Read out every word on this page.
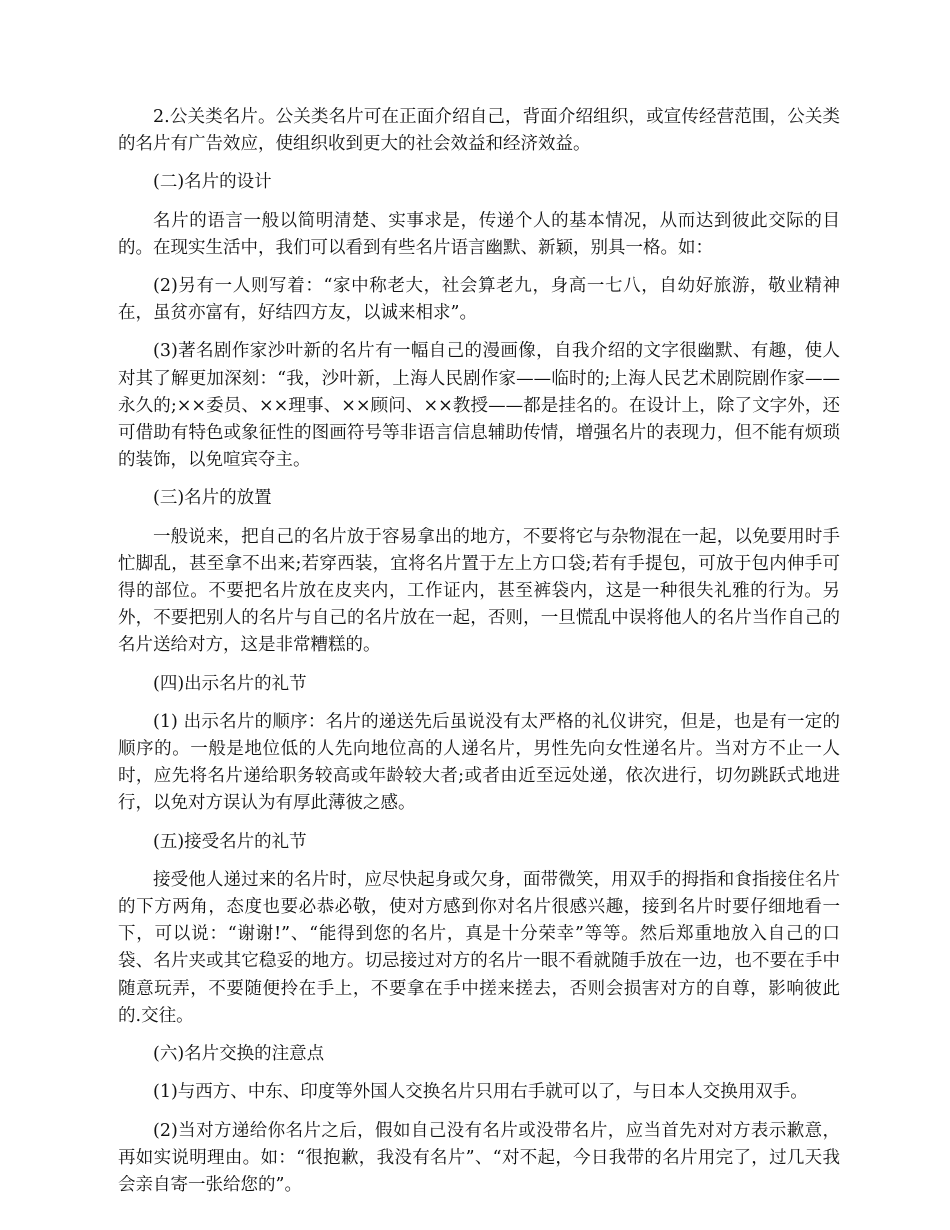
2.公关类名片。公关类名片可在正面介绍自己，背面介绍组织，或宣传经营范围，公关类的名片有广告效应，使组织收到更大的社会效益和经济效益。

(二)名片的设计

名片的语言一般以简明清楚、实事求是，传递个人的基本情况，从而达到彼此交际的目的。在现实生活中，我们可以看到有些名片语言幽默、新颖，别具一格。如：

(2)另有一人则写着：“家中称老大，社会算老九，身高一七八，自幼好旅游，敬业精神在，虽贫亦富有，好结四方友，以诚来相求”。

(3)著名剧作家沙叶新的名片有一幅自己的漫画像，自我介绍的文字很幽默、有趣，使人对其了解更加深刻：“我，沙叶新，上海人民剧作家——临时的;上海人民艺术剧院剧作家——永久的;××委员、××理事、××顾问、××教授——都是挂名的。在设计上，除了文字外，还可借助有特色或象征性的图画符号等非语言信息辅助传情，增强名片的表现力，但不能有烦琐的装饰，以免喧宾夺主。

(三)名片的放置

一般说来，把自己的名片放于容易拿出的地方，不要将它与杂物混在一起，以免要用时手忙脚乱，甚至拿不出来;若穿西装，宜将名片置于左上方口袋;若有手提包，可放于包内伸手可得的部位。不要把名片放在皮夹内，工作证内，甚至裤袋内，这是一种很失礼雅的行为。另外，不要把别人的名片与自己的名片放在一起，否则，一旦慌乱中误将他人的名片当作自己的名片送给对方，这是非常糟糕的。

(四)出示名片的礼节

(1) 出示名片的顺序：名片的递送先后虽说没有太严格的礼仪讲究，但是，也是有一定的顺序的。一般是地位低的人先向地位高的人递名片，男性先向女性递名片。当对方不止一人时，应先将名片递给职务较高或年龄较大者;或者由近至远处递，依次进行，切勿跳跃式地进行，以免对方误认为有厚此薄彼之感。

(五)接受名片的礼节

接受他人递过来的名片时，应尽快起身或欠身，面带微笑，用双手的拇指和食指接住名片的下方两角，态度也要必恭必敬，使对方感到你对名片很感兴趣，接到名片时要仔细地看一下，可以说：“谢谢!”、“能得到您的名片，真是十分荣幸”等等。然后郑重地放入自己的口袋、名片夹或其它稳妥的地方。切忌接过对方的名片一眼不看就随手放在一边，也不要在手中随意玩弄，不要随便拎在手上，不要拿在手中搓来搓去，否则会损害对方的自尊，影响彼此的.交往。

(六)名片交换的注意点

(1)与西方、中东、印度等外国人交换名片只用右手就可以了，与日本人交换用双手。

(2)当对方递给你名片之后，假如自己没有名片或没带名片，应当首先对对方表示歉意，再如实说明理由。如：“很抱歉，我没有名片”、“对不起，今日我带的名片用完了，过几天我会亲自寄一张给您的”。
